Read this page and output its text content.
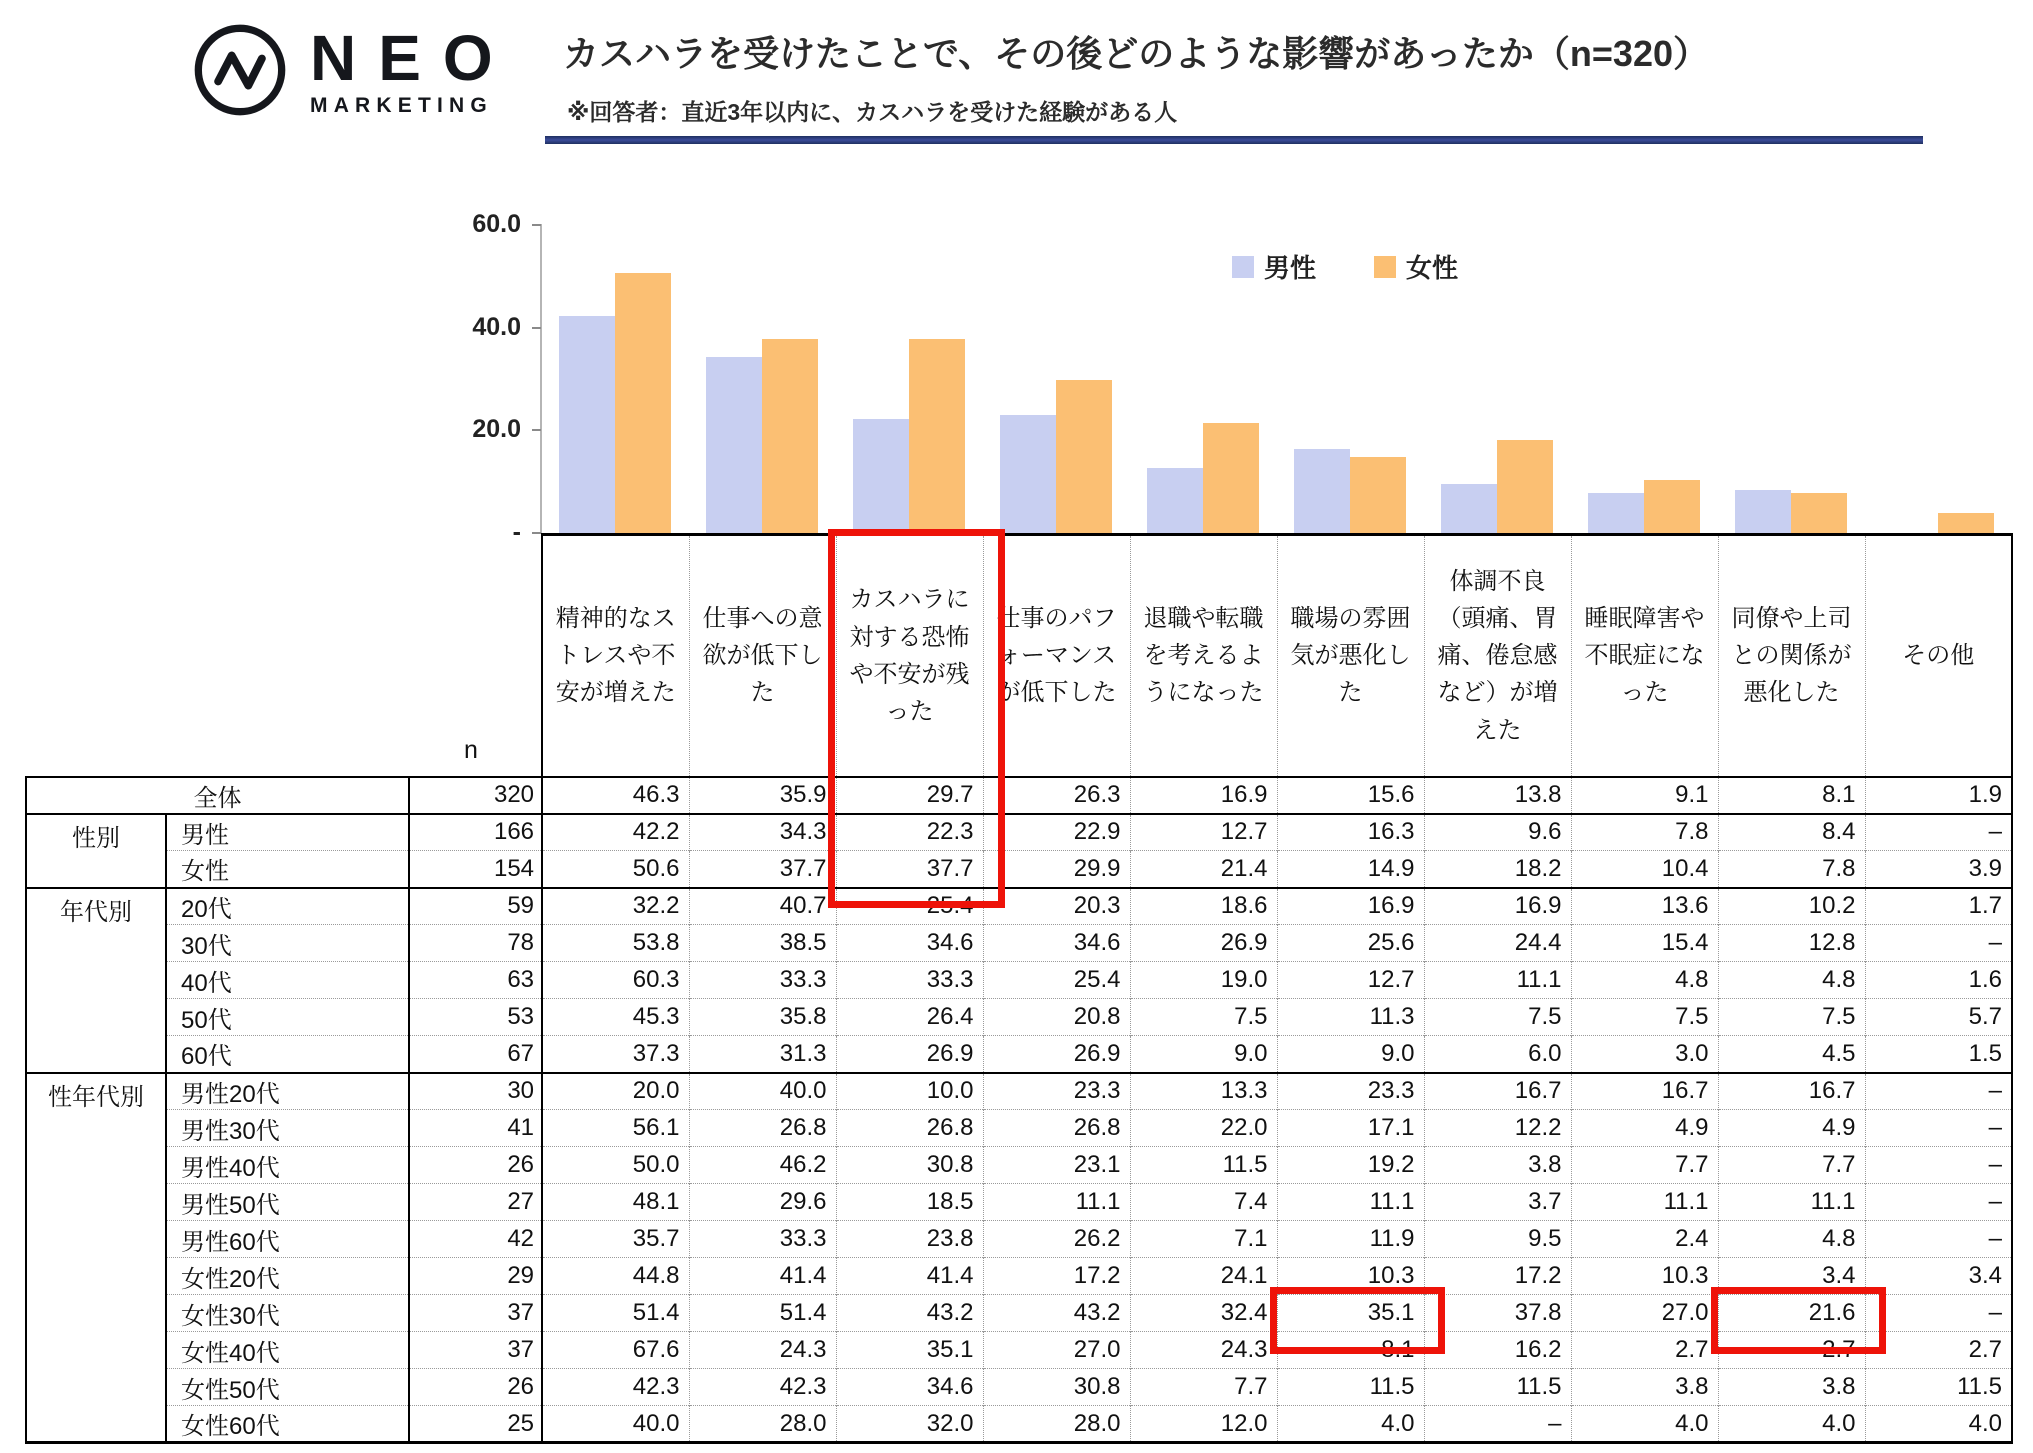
NEO
MARKETING
カスハラを受けたことで、その後どのような影響があったか（n=320）
※回答者：直近3年以内に、カスハラを受けた経験がある人
60.0
40.0
20.0
-
男性	女性
n
			精神的なストレスや不安が増えた	仕事への意欲が低下した	カスハラに対する恐怖や不安が残った	仕事のパフォーマンスが低下した	退職や転職を考えるようになった	職場の雰囲気が悪化した	体調不良（頭痛、胃痛、倦怠感など）が増えた	睡眠障害や不眠症になった	同僚や上司との関係が悪化した	その他
全体		320	46.3	35.9	29.7	26.3	16.9	15.6	13.8	9.1	8.1	1.9
性別	男性	166	42.2	34.3	22.3	22.9	12.7	16.3	9.6	7.8	8.4	–
	女性	154	50.6	37.7	37.7	29.9	21.4	14.9	18.2	10.4	7.8	3.9
年代別	20代	59	32.2	40.7	25.4	20.3	18.6	16.9	16.9	13.6	10.2	1.7
	30代	78	53.8	38.5	34.6	34.6	26.9	25.6	24.4	15.4	12.8	–
	40代	63	60.3	33.3	33.3	25.4	19.0	12.7	11.1	4.8	4.8	1.6
	50代	53	45.3	35.8	26.4	20.8	7.5	11.3	7.5	7.5	7.5	5.7
	60代	67	37.3	31.3	26.9	26.9	9.0	9.0	6.0	3.0	4.5	1.5
性年代別	男性20代	30	20.0	40.0	10.0	23.3	13.3	23.3	16.7	16.7	16.7	–
	男性30代	41	56.1	26.8	26.8	26.8	22.0	17.1	12.2	4.9	4.9	–
	男性40代	26	50.0	46.2	30.8	23.1	11.5	19.2	3.8	7.7	7.7	–
	男性50代	27	48.1	29.6	18.5	11.1	7.4	11.1	3.7	11.1	11.1	–
	男性60代	42	35.7	33.3	23.8	26.2	7.1	11.9	9.5	2.4	4.8	–
	女性20代	29	44.8	41.4	41.4	17.2	24.1	10.3	17.2	10.3	3.4	3.4
	女性30代	37	51.4	51.4	43.2	43.2	32.4	35.1	37.8	27.0	21.6	–
	女性40代	37	67.6	24.3	35.1	27.0	24.3	8.1	16.2	2.7	2.7	2.7
	女性50代	26	42.3	42.3	34.6	30.8	7.7	11.5	11.5	3.8	3.8	11.5
	女性60代	25	40.0	28.0	32.0	28.0	12.0	4.0	–	4.0	4.0	4.0
